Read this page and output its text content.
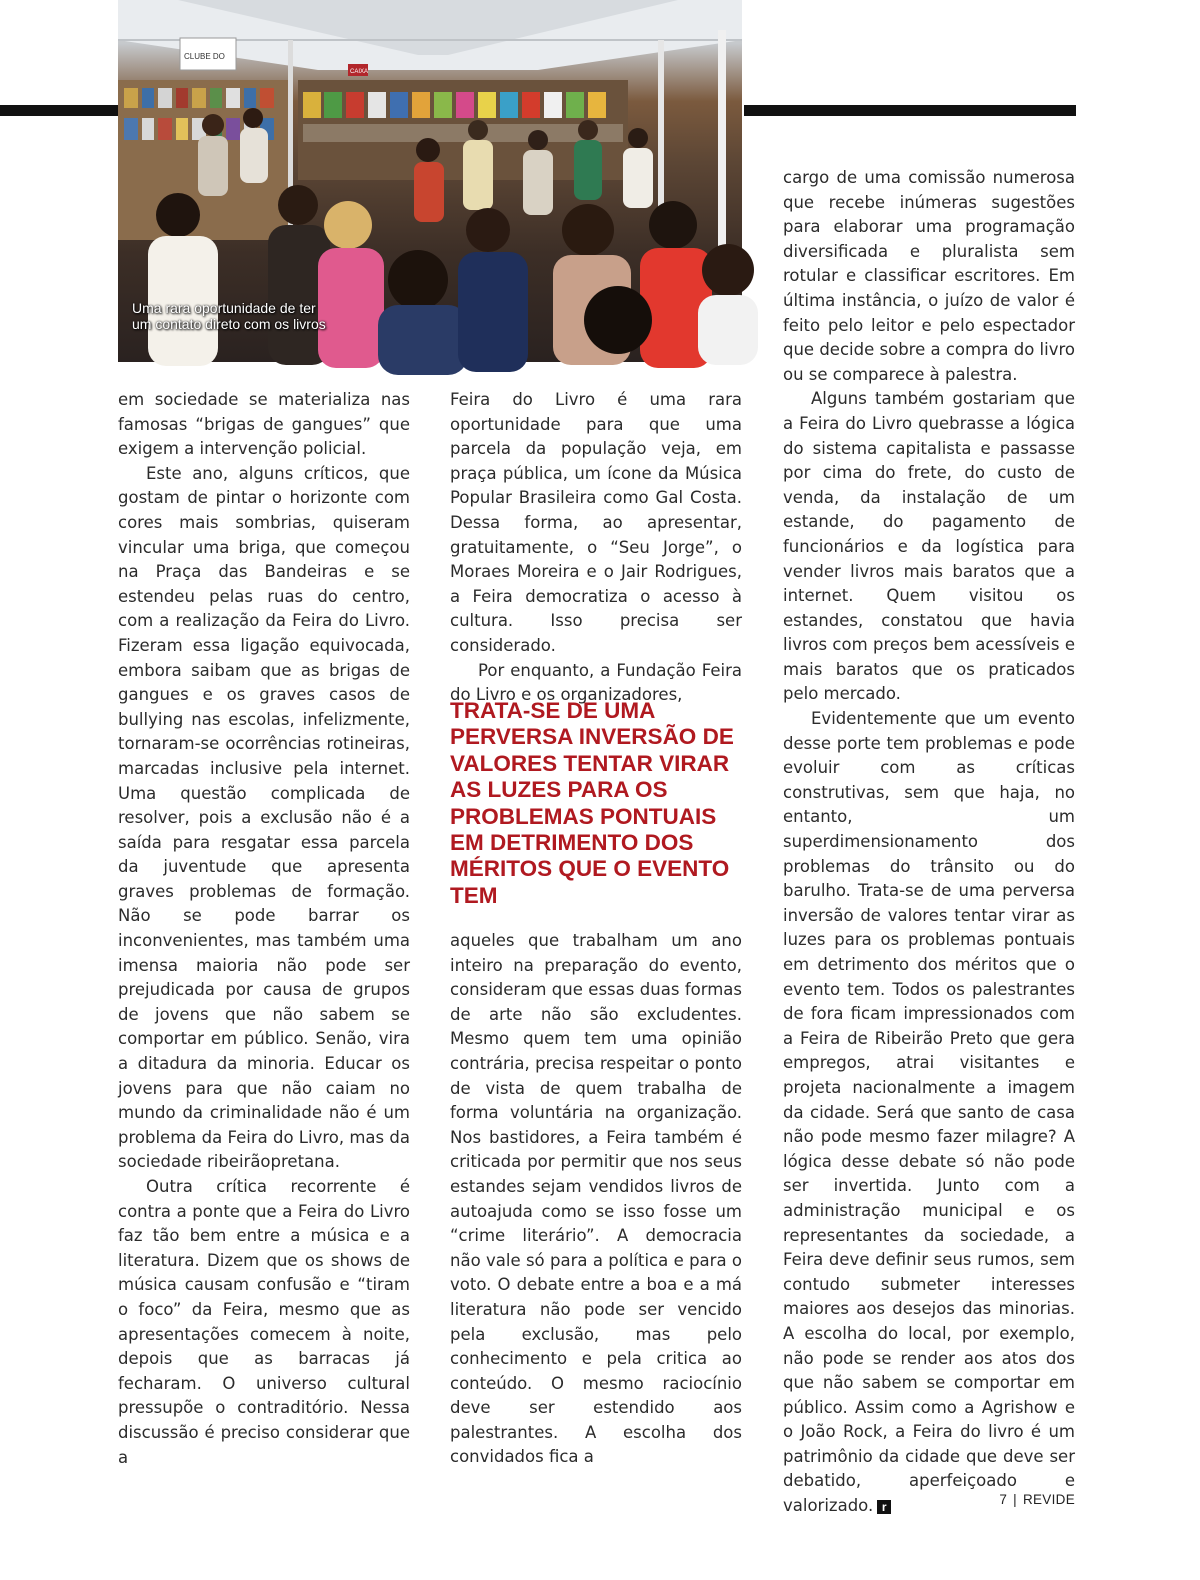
CLUBE DO
CAIXA
Uma rara oportunidade de ter um contato direto com os livros

em sociedade se materializa nas famosas “brigas de gangues” que exigem a intervenção policial.

Este ano, alguns críticos, que gostam de pintar o horizonte com cores mais sombrias, quiseram vincular uma briga, que começou na Praça das Bandeiras e se estendeu pelas ruas do centro, com a realização da Feira do Livro. Fizeram essa ligação equivocada, embora saibam que as brigas de gangues e os graves casos de bullying nas escolas, infelizmente, tornaram-se ocorrências rotineiras, marcadas inclusive pela internet. Uma questão complicada de resolver, pois a exclusão não é a saída para resgatar essa parcela da juventude que apresenta graves problemas de formação. Não se pode barrar os inconvenientes, mas também uma imensa maioria não pode ser prejudicada por causa de grupos de jovens que não sabem se comportar em público. Senão, vira a ditadura da minoria. Educar os jovens para que não caiam no mundo da criminalidade não é um problema da Feira do Livro, mas da sociedade ribeirãopretana.

Outra crítica recorrente é contra a ponte que a Feira do Livro faz tão bem entre a música e a literatura. Dizem que os shows de música causam confusão e “tiram o foco” da Feira, mesmo que as apresentações comecem à noite, depois que as barracas já fecharam. O universo cultural pressupõe o contraditório. Nessa discussão é preciso considerar que a

Feira do Livro é uma rara oportunidade para que uma parcela da população veja, em praça pública, um ícone da Música Popular Brasileira como Gal Costa. Dessa forma, ao apresentar, gratuitamente, o “Seu Jorge”, o Moraes Moreira e o Jair Rodrigues, a Feira democratiza o acesso à cultura. Isso precisa ser considerado.

Por enquanto, a Fundação Feira do Livro e os organizadores,

TRATA-SE DE UMA PERVERSA INVERSÃO DE VALORES TENTAR VIRAR AS LUZES PARA OS PROBLEMAS PONTUAIS EM DETRIMENTO DOS MÉRITOS QUE O EVENTO TEM

aqueles que trabalham um ano inteiro na preparação do evento, consideram que essas duas formas de arte não são excludentes. Mesmo quem tem uma opinião contrária, precisa respeitar o ponto de vista de quem trabalha de forma voluntária na organização. Nos bastidores, a Feira também é criticada por permitir que nos seus estandes sejam vendidos livros de autoajuda como se isso fosse um “crime literário”. A democracia não vale só para a política e para o voto. O debate entre a boa e a má literatura não pode ser vencido pela exclusão, mas pelo conhecimento e pela critica ao conteúdo. O mesmo raciocínio deve ser estendido aos palestrantes. A escolha dos convidados fica a

cargo de uma comissão numerosa que recebe inúmeras sugestões para elaborar uma programação diversificada e pluralista sem rotular e classificar escritores. Em última instância, o juízo de valor é feito pelo leitor e pelo espectador que decide sobre a compra do livro ou se comparece à palestra.

Alguns também gostariam que a Feira do Livro quebrasse a lógica do sistema capitalista e passasse por cima do frete, do custo de venda, da instalação de um estande, do pagamento de funcionários e da logística para vender livros mais baratos que a internet. Quem visitou os estandes, constatou que havia livros com preços bem acessíveis e mais baratos que os praticados pelo mercado.

Evidentemente que um evento desse porte tem problemas e pode evoluir com as críticas construtivas, sem que haja, no entanto, um superdimensionamento dos problemas do trânsito ou do barulho. Trata-se de uma perversa inversão de valores tentar virar as luzes para os problemas pontuais em detrimento dos méritos que o evento tem. Todos os palestrantes de fora ficam impressionados com a Feira de Ribeirão Preto que gera empregos, atrai visitantes e projeta nacionalmente a imagem da cidade. Será que santo de casa não pode mesmo fazer milagre? A lógica desse debate só não pode ser invertida. Junto com a administração municipal e os representantes da sociedade, a Feira deve definir seus rumos, sem contudo submeter interesses maiores aos desejos das minorias. A escolha do local, por exemplo, não pode se render aos atos dos que não sabem se comportar em público. Assim como a Agrishow e o João Rock, a Feira do livro é um patrimônio da cidade que deve ser debatido, aperfeiçoado e valorizado. r	7 | REVIDE
